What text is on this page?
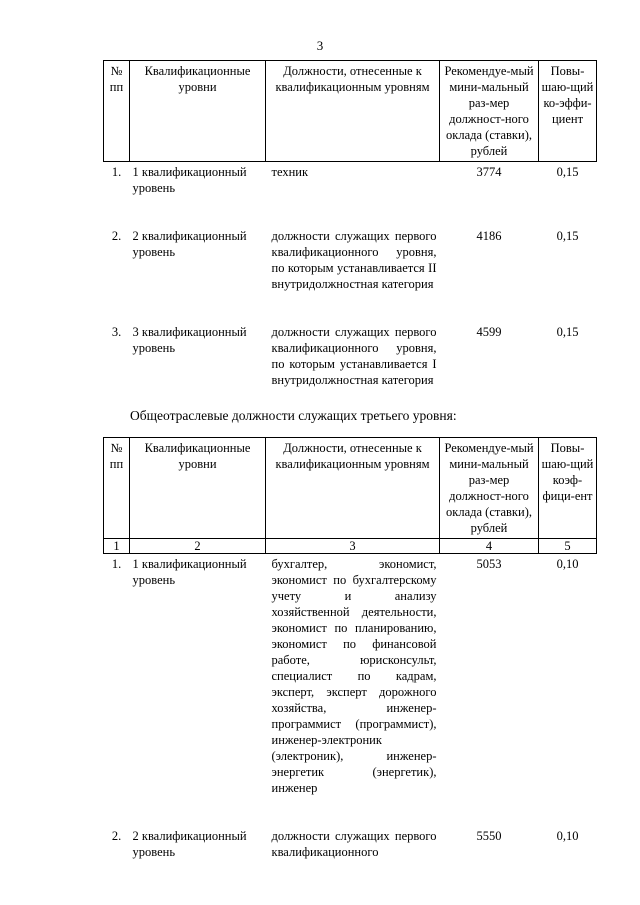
3
№ пп	Квалификационные уровни	Должности, отнесенные к квалификационным уровням	Рекомендуе-мый мини-мальный раз-мер должност-ного оклада (ставки), рублей	Повы-шаю-щий ко-эффи-циент
1.	1 квалификационный уровень	техник	3774	0,15
2.	2 квалификационный уровень	должности служащих первого квалификационного уровня, по которым устанавливается II внутридолжностная категория	4186	0,15
3.	3 квалификационный уровень	должности служащих первого квалификационного уровня, по которым устанавливается I внутридолжностная категория	4599	0,15
Общеотраслевые должности служащих третьего уровня:
№ пп	Квалификационные уровни	Должности, отнесенные к квалификационным уровням	Рекомендуе-мый мини-мальный раз-мер должност-ного оклада (ставки), рублей	Повы-шаю-щий коэф-фици-ент
1	2	3	4	5
1.	1 квалификационный уровень	бухгалтер, экономист, экономист по бухгалтерскому учету и анализу хозяйственной деятельности, экономист по планированию, экономист по финансовой работе, юрисконсульт, специалист по кадрам, эксперт, эксперт дорожного хозяйства, инженер-программист (программист), инженер-электроник (электроник), инженер-энергетик (энергетик), инженер	5053	0,10
2.	2 квалификационный уровень	должности служащих первого квалификационного	5550	0,10
